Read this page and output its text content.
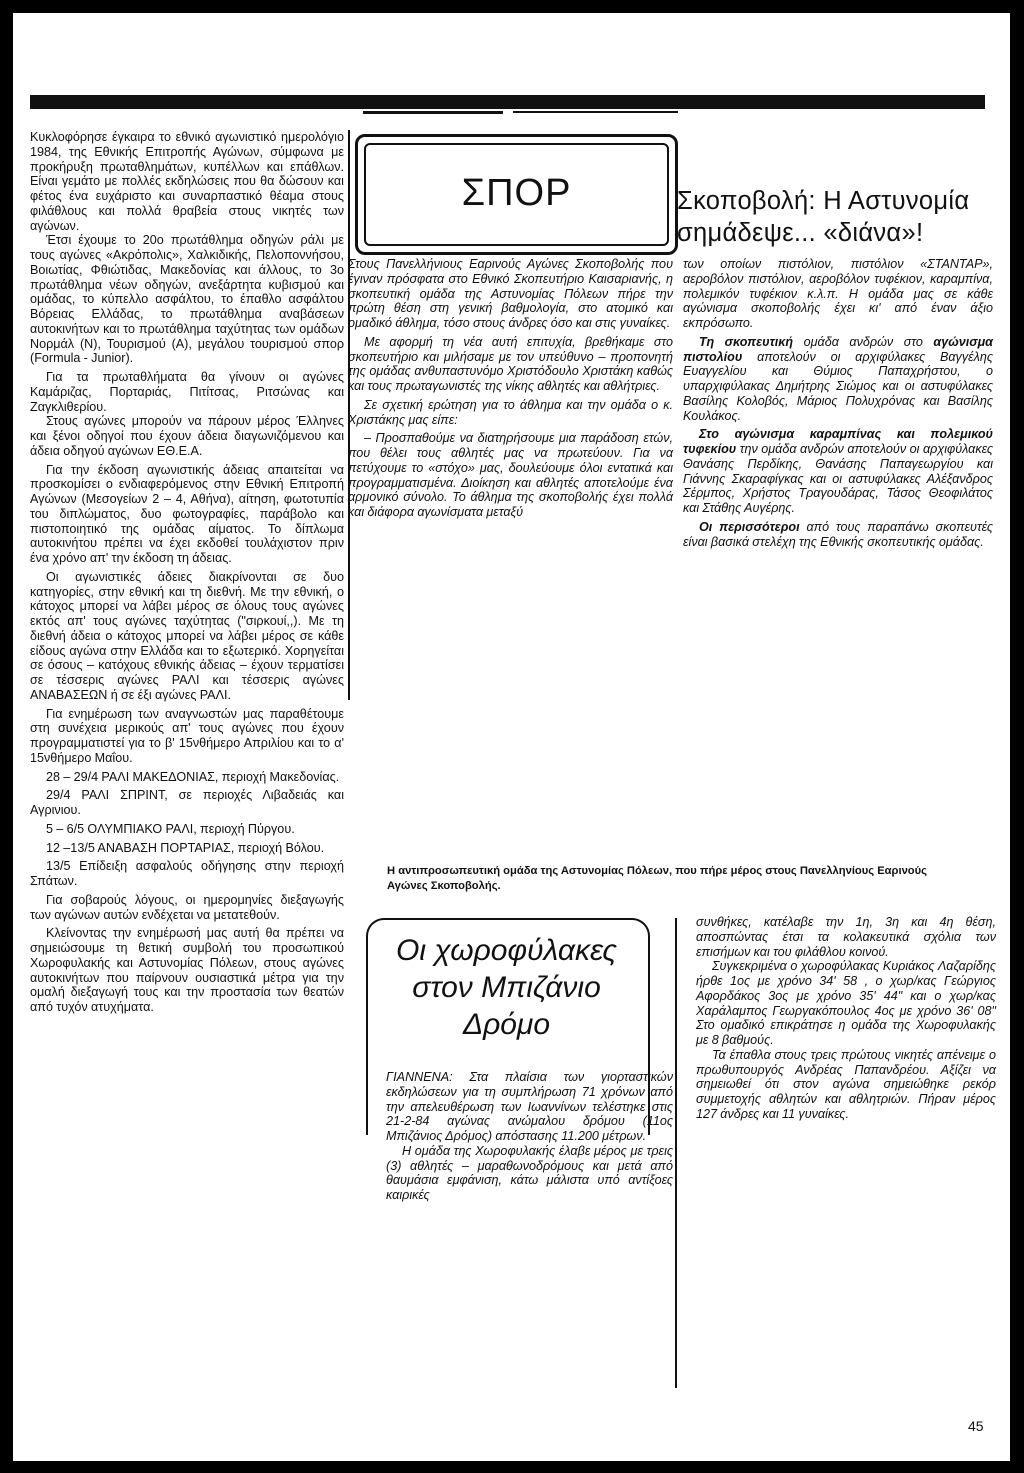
Κυκλοφόρησε έγκαιρα το εθνικό αγωνιστικό ημερολόγιο 1984, της Εθνικής Επιτροπής Αγώνων, σύμφωνα με προκήρυξη πρωταθλημάτων, κυπέλλων και επάθλων. Είναι γεμάτο με πολλές εκδηλώσεις που θα δώσουν και φέτος ένα ευχάριστο και συναρπαστικό θέαμα στους φιλάθλους και πολλά θραβεία στους νικητές των αγώνων.

Έτσι έχουμε το 20ο πρωτάθλημα οδηγών ράλι με τους αγώνες «Ακρόπολις», Χαλκιδικής, Πελοποννήσου, Βοιωτίας, Φθιώτιδας, Μακεδονίας και άλλους, το 3ο πρωτάθλημα νέων οδηγών, ανεξάρτητα κυβισμού και ομάδας, το κύπελλο ασφάλτου, το έπαθλο ασφάλτου Βόρειας Ελλάδας, το πρωτάθλημα αναβάσεων αυτοκινήτων και το πρωτάθλημα ταχύτητας των ομάδων Νορμάλ (Ν), Τουρισμού (Α), μεγάλου τουρισμού σπορ (Formula - Junior).

Για τα πρωταθλήματα θα γίνουν οι αγώνες Καμάριζας, Πορταριάς, Πιτίτσας, Ριτσώνας και Ζαγκλιθερίου.

Στους αγώνες μπορούν να πάρουν μέρος Έλληνες και ξένοι οδηγοί που έχουν άδεια διαγωνιζόμενου και άδεια οδηγού αγώνων ΕΘ.Ε.Α.

Για την έκδοση αγωνιστικής άδειας απαιτείται να προσκομίσει ο ενδιαφερόμενος στην Εθνική Επιτροπή Αγώνων (Μεσογείων 2 – 4, Αθήνα), αίτηση, φωτοτυπία του διπλώματος, δυο φωτογραφίες, παράβολο και πιστοποιητικό της ομάδας αίματος. Το δίπλωμα αυτοκινήτου πρέπει να έχει εκδοθεί τουλάχιστον πριν ένα χρόνο απ' την έκδοση τη άδειας.

Οι αγωνιστικές άδειες διακρίνονται σε δυο κατηγορίες, στην εθνική και τη διεθνή. Με την εθνική, ο κάτοχος μπορεί να λάβει μέρος σε όλους τους αγώνες εκτός απ' τους αγώνες ταχύτητας ("σιρκουί,,). Με τη διεθνή άδεια ο κάτοχος μπορεί να λάβει μέρος σε κάθε είδους αγώνα στην Ελλάδα και το εξωτερικό. Χορηγείται σε όσους – κατόχους εθνικής άδειας – έχουν τερματίσει σε τέσσερις αγώνες ΡΑΛΙ και τέσσερις αγώνες ΑΝΑΒΑΣΕΩΝ ή σε έξι αγώνες ΡΑΛΙ.

Για ενημέρωση των αναγνωστών μας παραθέτουμε στη συνέχεια μερικούς απ' τους αγώνες που έχουν προγραμματιστεί για το β' 15νθήμερο Απριλίου και το α' 15νθήμερο Μαΐου.

28 – 29/4 ΡΑΛΙ ΜΑΚΕΔΟΝΙΑΣ, περιοχή Μακεδονίας.

29/4 ΡΑΛΙ ΣΠΡΙΝΤ, σε περιοχές Λιβαδειάς και Αγρινιου.

5 – 6/5 ΟΛΥΜΠΙΑΚΟ ΡΑΛΙ, περιοχή Πύργου.

12 –13/5 ΑΝΑΒΑΣΗ ΠΟΡΤΑΡΙΑΣ, περιοχή Βόλου.

13/5 Επίδειξη ασφαλούς οδήγησης στην περιοχή Σπάτων.

Για σοβαρούς λόγους, οι ημερομηνίες διεξαγωγής των αγώνων αυτών ενδέχεται να μετατεθούν.

Κλείνοντας την ενημέρωσή μας αυτή θα πρέπει να σημειώσουμε τη θετική συμβολή του προσωπικού Χωροφυλακής και Αστυνομίας Πόλεων, στους αγώνες αυτοκινήτων που παίρνουν ουσιαστικά μέτρα για την ομαλή διεξαγωγή τους και την προστασία των θεατών από τυχόν ατυχήματα.

ΣΠΟΡ	Σκοποβολή: Η Αστυνομία
σημάδεψε... «διάνα»!

Στους Πανελλήνιους Εαρινούς Αγώνες Σκοποβολής που έγιναν πρόσφατα στο Εθνικό Σκοπευτήριο Καισαριανής, η σκοπευτική ομάδα της Αστυνομίας Πόλεων πήρε την πρώτη θέση στη γενική βαθμολογία, στο ατομικό και ομαδικό άθλημα, τόσο στους άνδρες όσο και στις γυναίκες.

Με αφορμή τη νέα αυτή επιτυχία, βρεθήκαμε στο σκοπευτήριο και μιλήσαμε με τον υπεύθυνο – προπονητή της ομάδας ανθυπαστυνόμο Χριστόδουλο Χριστάκη καθώς και τους πρωταγωνιστές της νίκης αθλητές και αθλήτριες.

Σε σχετική ερώτηση για το άθλημα και την ομάδα ο κ. Χριστάκης μας είπε:

– Προσπαθούμε να διατηρήσουμε μια παράδοση ετών, που θέλει τους αθλητές μας να πρωτεύουν. Για να πετύχουμε το «στόχο» μας, δουλεύουμε όλοι εντατικά και προγραμματισμένα. Διοίκηση και αθλητές αποτελούμε ένα αρμονικό σύνολο. Το άθλημα της σκοποβολής έχει πολλά και διάφορα αγωνίσματα μεταξύ

των οποίων πιστόλιον, πιστόλιον «ΣΤΑΝΤΑΡ», αεροβόλον πιστόλιον, αεροβόλον τυφέκιον, καραμπίνα, πολεμικόν τυφέκιον κ.λ.π. Η ομάδα μας σε κάθε αγώνισμα σκοποβολής έχει κι' από έναν άξιο εκπρόσωπο.

Τη σκοπευτική ομάδα ανδρών στο αγώνισμα πιστολίου αποτελούν οι αρχιφύλακες Βαγγέλης Ευαγγελίου και Θύμιος Παπαχρήστου, ο υπαρχιφύλακας Δημήτρης Σιώμος και οι αστυφύλακες Βασίλης Κολοβός, Μάριος Πολυχρόνας και Βασίλης Κουλάκος.

Στο αγώνισμα καραμπίνας και πολεμικού τυφεκίου την ομάδα ανδρών αποτελούν οι αρχιφύλακες Θανάσης Περδίκης, Θανάσης Παπαγεωργίου και Γιάννης Σκαραφίγκας και οι αστυφύλακες Αλέξανδρος Σέρμπος, Χρήστος Τραγουδάρας, Τάσος Θεοφιλάτος και Στάθης Αυγέρης.

Οι περισσότεροι από τους παραπάνω σκοπευτές είναι βασικά στελέχη της Εθνικής σκοπευτικής ομάδας.

Η αντιπροσωπευτική ομάδα της Αστυνομίας Πόλεων, που πήρε μέρος στους Πανελληνίους Εαρινούς Αγώνες Σκοποβολής.
Οι χωροφύλακες στον Μπιζάνιο Δρόμο

ΓΙΑΝΝΕΝΑ: Στα πλαίσια των γιορταστικών εκδηλώσεων για τη συμπλήρωση 71 χρόνων από την απελευθέρωση των Ιωαννίνων τελέστηκε στις 21-2-84 αγώνας ανώμαλου δρόμου (11ος Μπιζάνιος Δρόμος) απόστασης 11.200 μέτρων.

Η ομάδα της Χωροφυλακής έλαβε μέρος με τρεις (3) αθλητές – μαραθωνοδρόμους και μετά από θαυμάσια εμφάνιση, κάτω μάλιστα υπό αντίξοες καιρικές

συνθήκες, κατέλαβε την 1η, 3η και 4η θέση, αποσπώντας έτσι τα κολακευτικά σχόλια των επισήμων και του φιλάθλου κοινού.

Συγκεκριμένα ο χωροφύλακας Κυριάκος Λαζαρίδης ήρθε 1ος με χρόνο 34' 58 , ο χωρ/κας Γεώργιος Αφορδάκος 3ος με χρόνο 35' 44" και ο χωρ/κας Χαράλαμπος Γεωργακόπουλος 4ος με χρόνο 36' 08" Στο ομαδικό επικράτησε η ομάδα της Χωροφυλακής με 8 βαθμούς.

Τα έπαθλα στους τρεις πρώτους νικητές απένειμε ο πρωθυπουργός Ανδρέας Παπανδρέου. Αξίζει να σημειωθεί ότι στον αγώνα σημειώθηκε ρεκόρ συμμετοχής αθλητών και αθλητριών. Πήραν μέρος 127 άνδρες και 11 γυναίκες.

45
